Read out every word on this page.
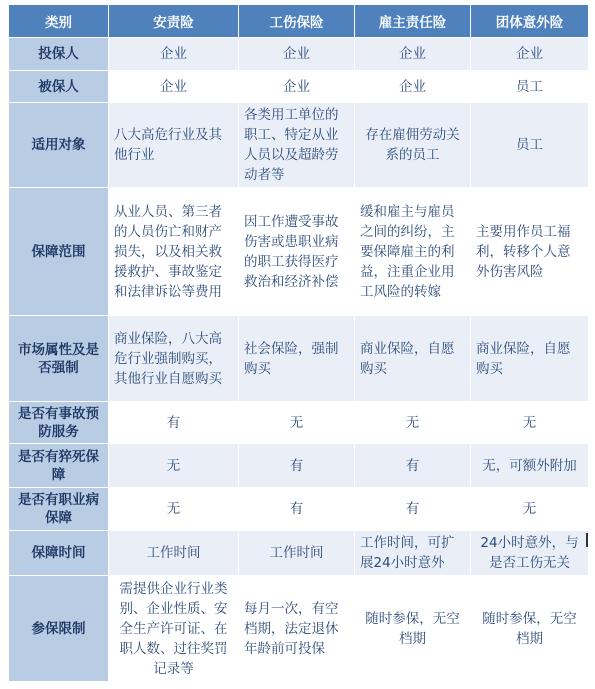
类别	安责险	工伤保险	雇主责任险	团体意外险
投保人	企业	企业	企业	企业
被保人	企业	企业	企业	员工
适用对象	八大高危行业及其他行业	各类用工单位的职工、特定从业人员以及超龄劳动者等	存在雇佣劳动关系的员工	员工
保障范围	从业人员、第三者的人员伤亡和财产损失，以及相关救援救护、事故鉴定和法律诉讼等费用	因工作遭受事故伤害或患职业病的职工获得医疗救治和经济补偿	缓和雇主与雇员之间的纠纷，主要保障雇主的利益，注重企业用工风险的转嫁	主要用作员工福利，转移个人意外伤害风险
市场属性及是否强制	商业保险，八大高危行业强制购买，其他行业自愿购买	社会保险，强制购买	商业保险，自愿购买	商业保险，自愿购买
是否有事故预防服务	有	无	无	无
是否有猝死保障	无	有	有	无，可额外附加
是否有职业病保障	无	有	有	无
保障时间	工作时间	工作时间	工作时间，可扩展24小时意外	24小时意外，与是否工伤无关
参保限制	需提供企业行业类别、企业性质、安全生产许可证、在职人数、过往奖罚记录等	每月一次，有空档期，法定退休年龄前可投保	随时参保，无空档期	随时参保，无空档期
